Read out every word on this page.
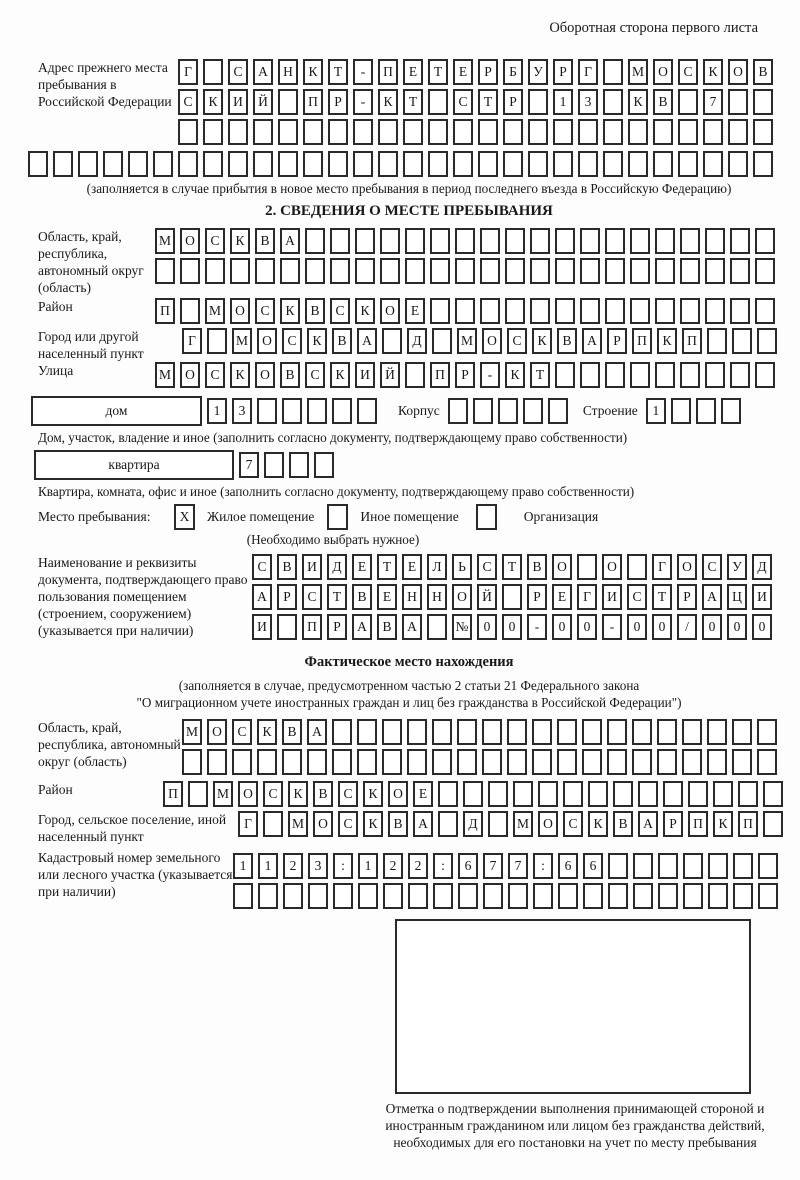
Оборотная сторона первого листа
Адрес прежнего места пребывания в Российской Федерации
Г	С А Н К Т - П Е Т Е Р Б У Р Г	М О С К О В
С К И Й	П Р - К Т	С Т Р	1 3	К В	7
(заполняется в случае прибытия в новое место пребывания в период последнего въезда в Российскую Федерацию)
2. СВЕДЕНИЯ О МЕСТЕ ПРЕБЫВАНИЯ
Область, край, республика, автономный округ (область)
М О С К В А
Район	П	М О С К В С К О Е
Город или другой населенный пункт
Г	М О С К В А	Д	М О С К В А Р П К П
Улица	М О С К О В С К И Й	П Р - К Т
дом	1 3	Корпус	Строение	1
Дом, участок, владение и иное (заполнить согласно документу, подтверждающему право собственности)
квартира	7
Квартира, комната, офис и иное (заполнить согласно документу, подтверждающему право собственности)
Место пребывания:	X	Жилое помещение	Иное помещение	Организация
(Необходимо выбрать нужное)
Наименование и реквизиты документа, подтверждающего право пользования помещением (строением, сооружением) (указывается при наличии)
С В И Д Е Т Е Л Ь С Т В О	О	Г О С У Д
А Р С Т В Е Н Н О Й	Р Е Г И С Т Р А Ц И
И	П Р А В А	№ 0 0 - 0 0 - 0 0 / 0 0 0
Фактическое место нахождения
(заполняется в случае, предусмотренном частью 2 статьи 21 Федерального закона
"О миграционном учете иностранных граждан и лиц без гражданства в Российской Федерации")
Область, край, республика, автономный округ (область)
М О С К В А
Район	П	М О С К В С К О Е
Город, сельское поселение, иной населенный пункт
Г	М О С К В А	Д	М О С К В А Р П К П
Кадастровый номер земельного или лесного участка (указывается при наличии)
1 1 2 3 : 1 2 2 : 6 7 7 : 6 6
Отметка о подтверждении выполнения принимающей стороной и иностранным гражданином или лицом без гражданства действий, необходимых для его постановки на учет по месту пребывания
